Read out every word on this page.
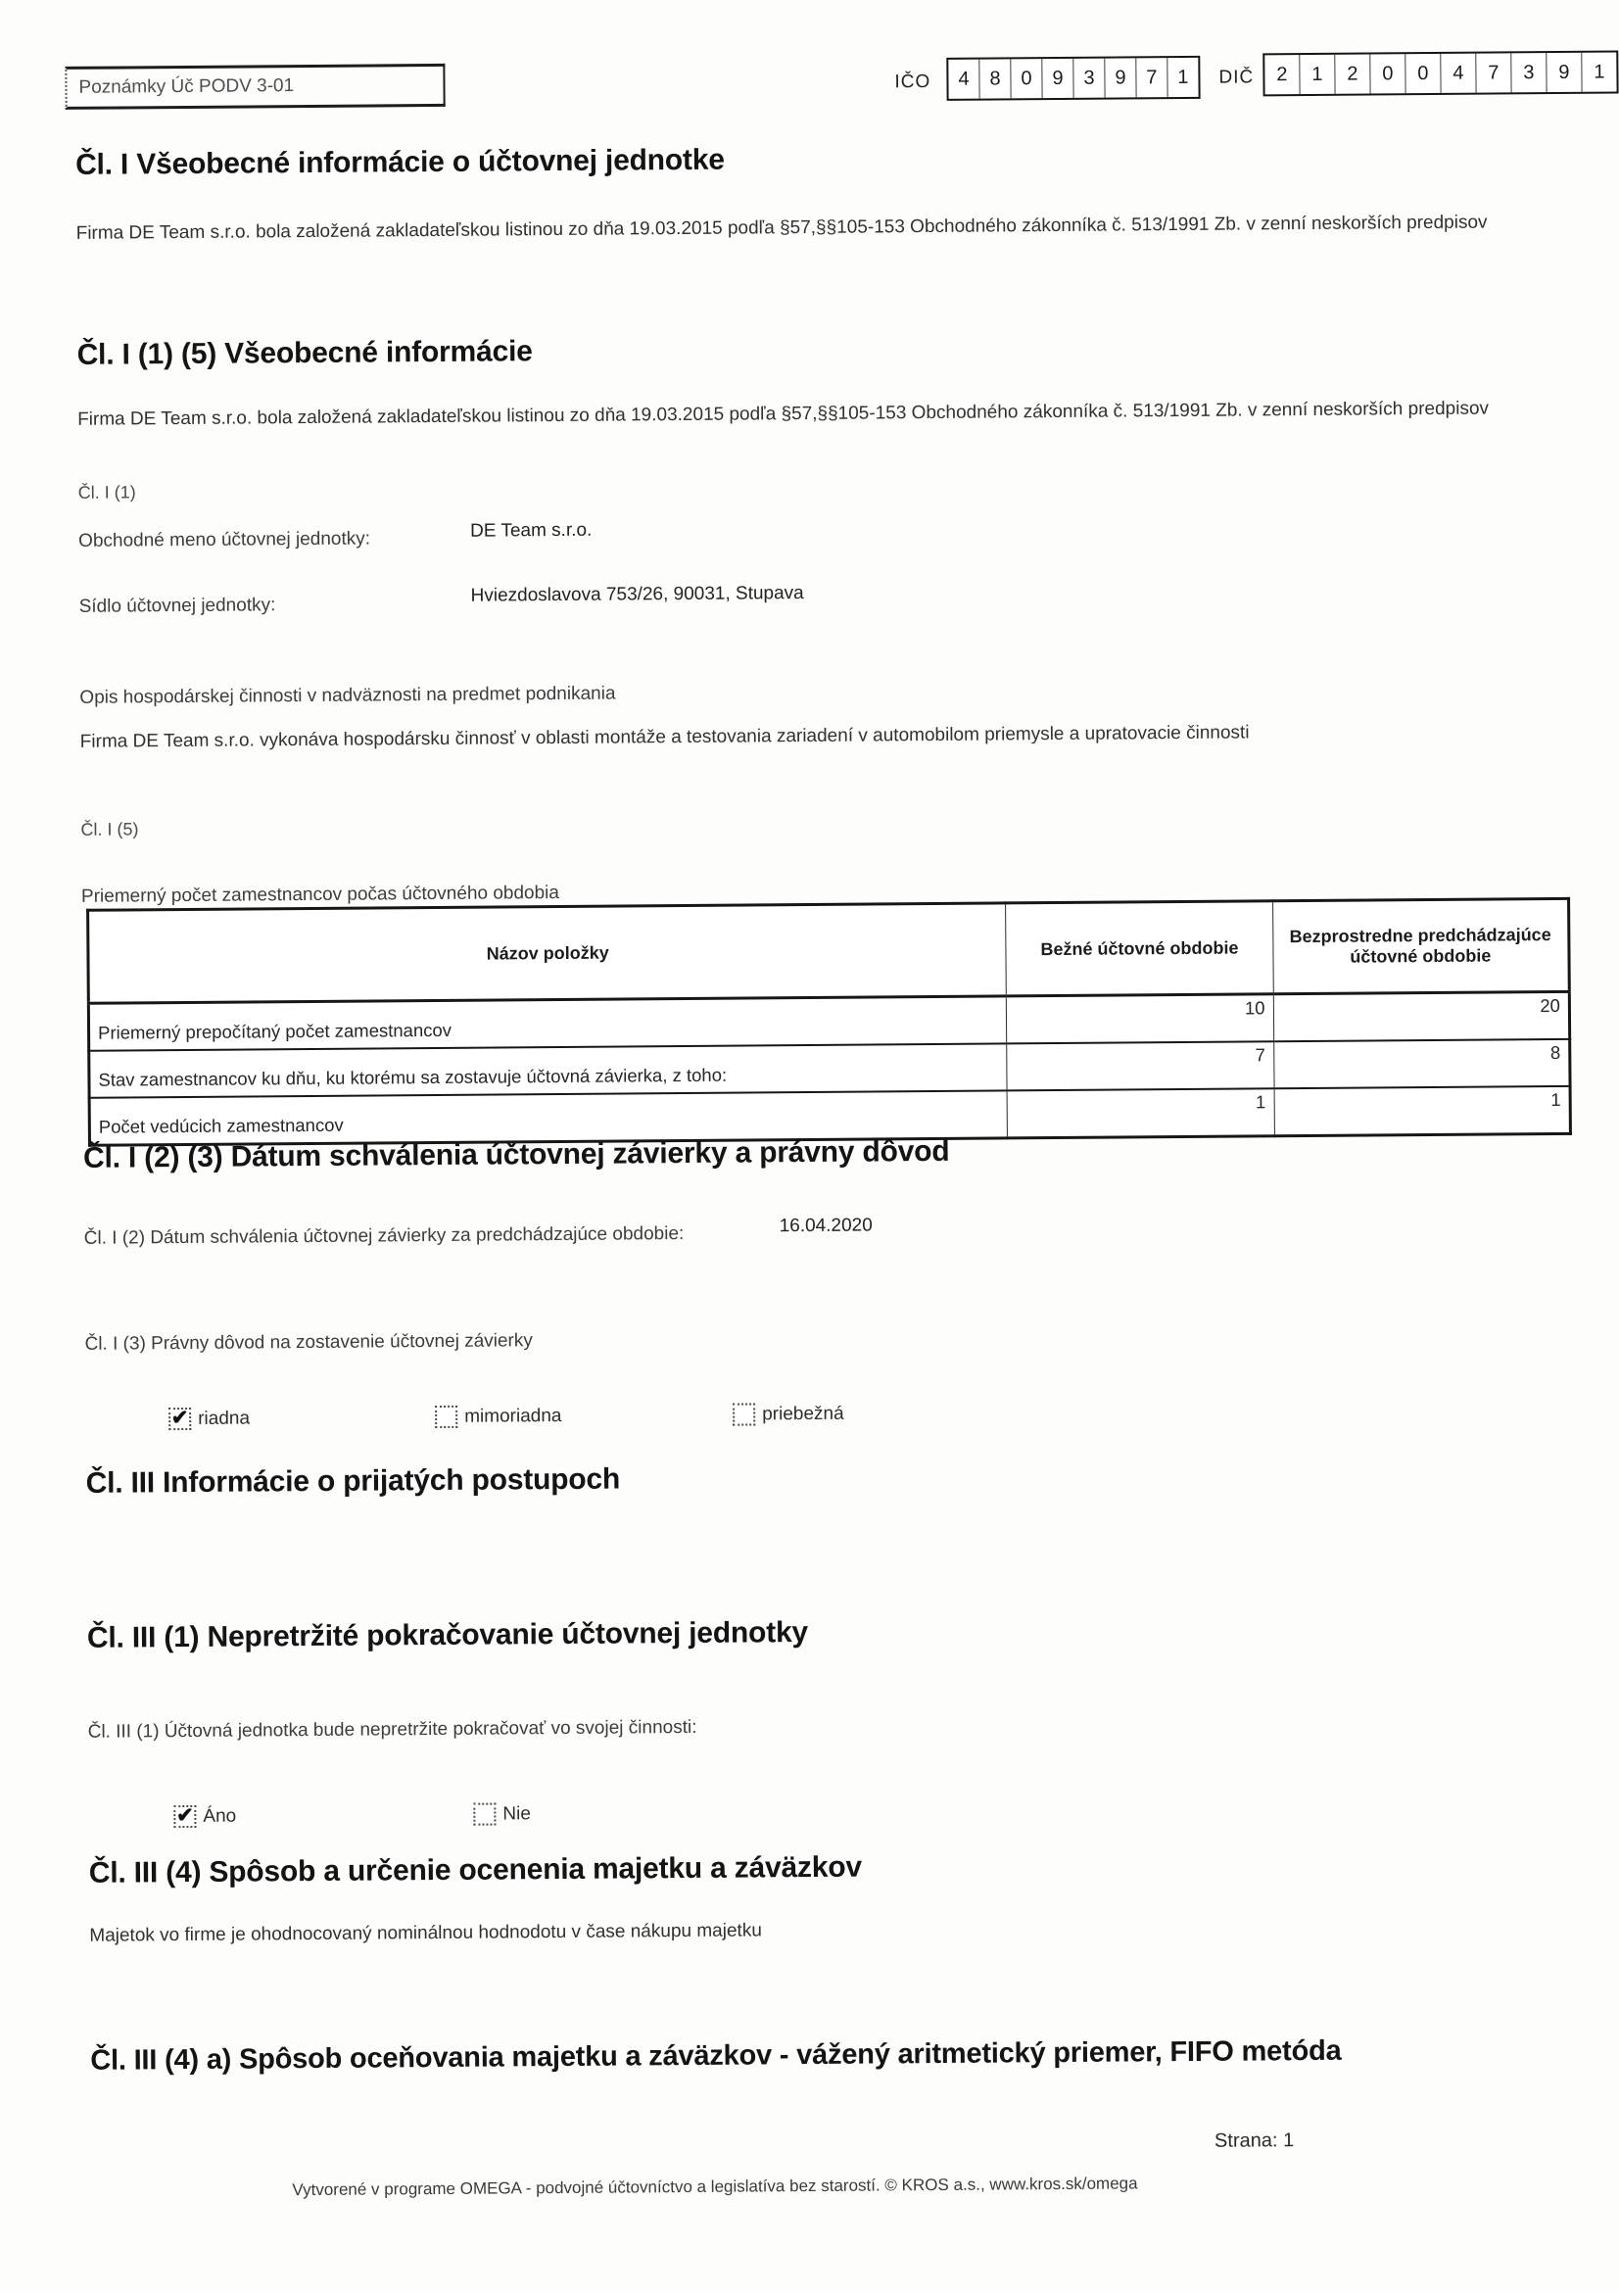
Poznámky Úč PODV 3-01	IČO	4	8	0	9	3	9	7	1	DIČ	2	1	2	0	0	4	7	3	9	1
Čl. I Všeobecné informácie o účtovnej jednotke
Firma DE Team s.r.o. bola založená zakladateľskou listinou zo dňa 19.03.2015 podľa §57,§§105-153 Obchodného zákonníka č. 513/1991 Zb. v zenní neskorších predpisov
Čl. I (1) (5) Všeobecné informácie
Firma DE Team s.r.o. bola založená zakladateľskou listinou zo dňa 19.03.2015 podľa §57,§§105-153 Obchodného zákonníka č. 513/1991 Zb. v zenní neskorších predpisov
Čl. I (1)
Obchodné meno účtovnej jednotky:	DE Team s.r.o.
Sídlo účtovnej jednotky:	Hviezdoslavova 753/26, 90031, Stupava
Opis hospodárskej činnosti v nadväznosti na predmet podnikania
Firma DE Team s.r.o. vykonáva hospodársku činnosť v oblasti montáže a testovania zariadení v automobilom priemysle a upratovacie činnosti
Čl. I (5)
Priemerný počet zamestnancov počas účtovného obdobia
Názov položky	Bežné účtovné obdobie	Bezprostredne predchádzajúce účtovné obdobie
Priemerný prepočítaný počet zamestnancov	10	20
Stav zamestnancov ku dňu, ku ktorému sa zostavuje účtovná závierka, z toho:	7	8
Počet vedúcich zamestnancov	1	1
Čl. I (2) (3) Dátum schválenia účtovnej závierky a právny dôvod
Čl. I (2) Dátum schválenia účtovnej závierky za predchádzajúce obdobie:	16.04.2020
Čl. I (3) Právny dôvod na zostavenie účtovnej závierky
✔ riadna	mimoriadna	priebežná
Čl. III Informácie o prijatých postupoch
Čl. III (1) Nepretržité pokračovanie účtovnej jednotky
Čl. III (1) Účtovná jednotka bude nepretržite pokračovať vo svojej činnosti:
✔ Áno	Nie
Čl. III (4) Spôsob a určenie ocenenia majetku a záväzkov
Majetok vo firme je ohodnocovaný nominálnou hodnodotu v čase nákupu majetku
Čl. III (4) a) Spôsob oceňovania majetku a záväzkov - vážený aritmetický priemer, FIFO metóda
Strana: 1
Vytvorené v programe OMEGA - podvojné účtovníctvo a legislatíva bez starostí. © KROS a.s., www.kros.sk/omega
